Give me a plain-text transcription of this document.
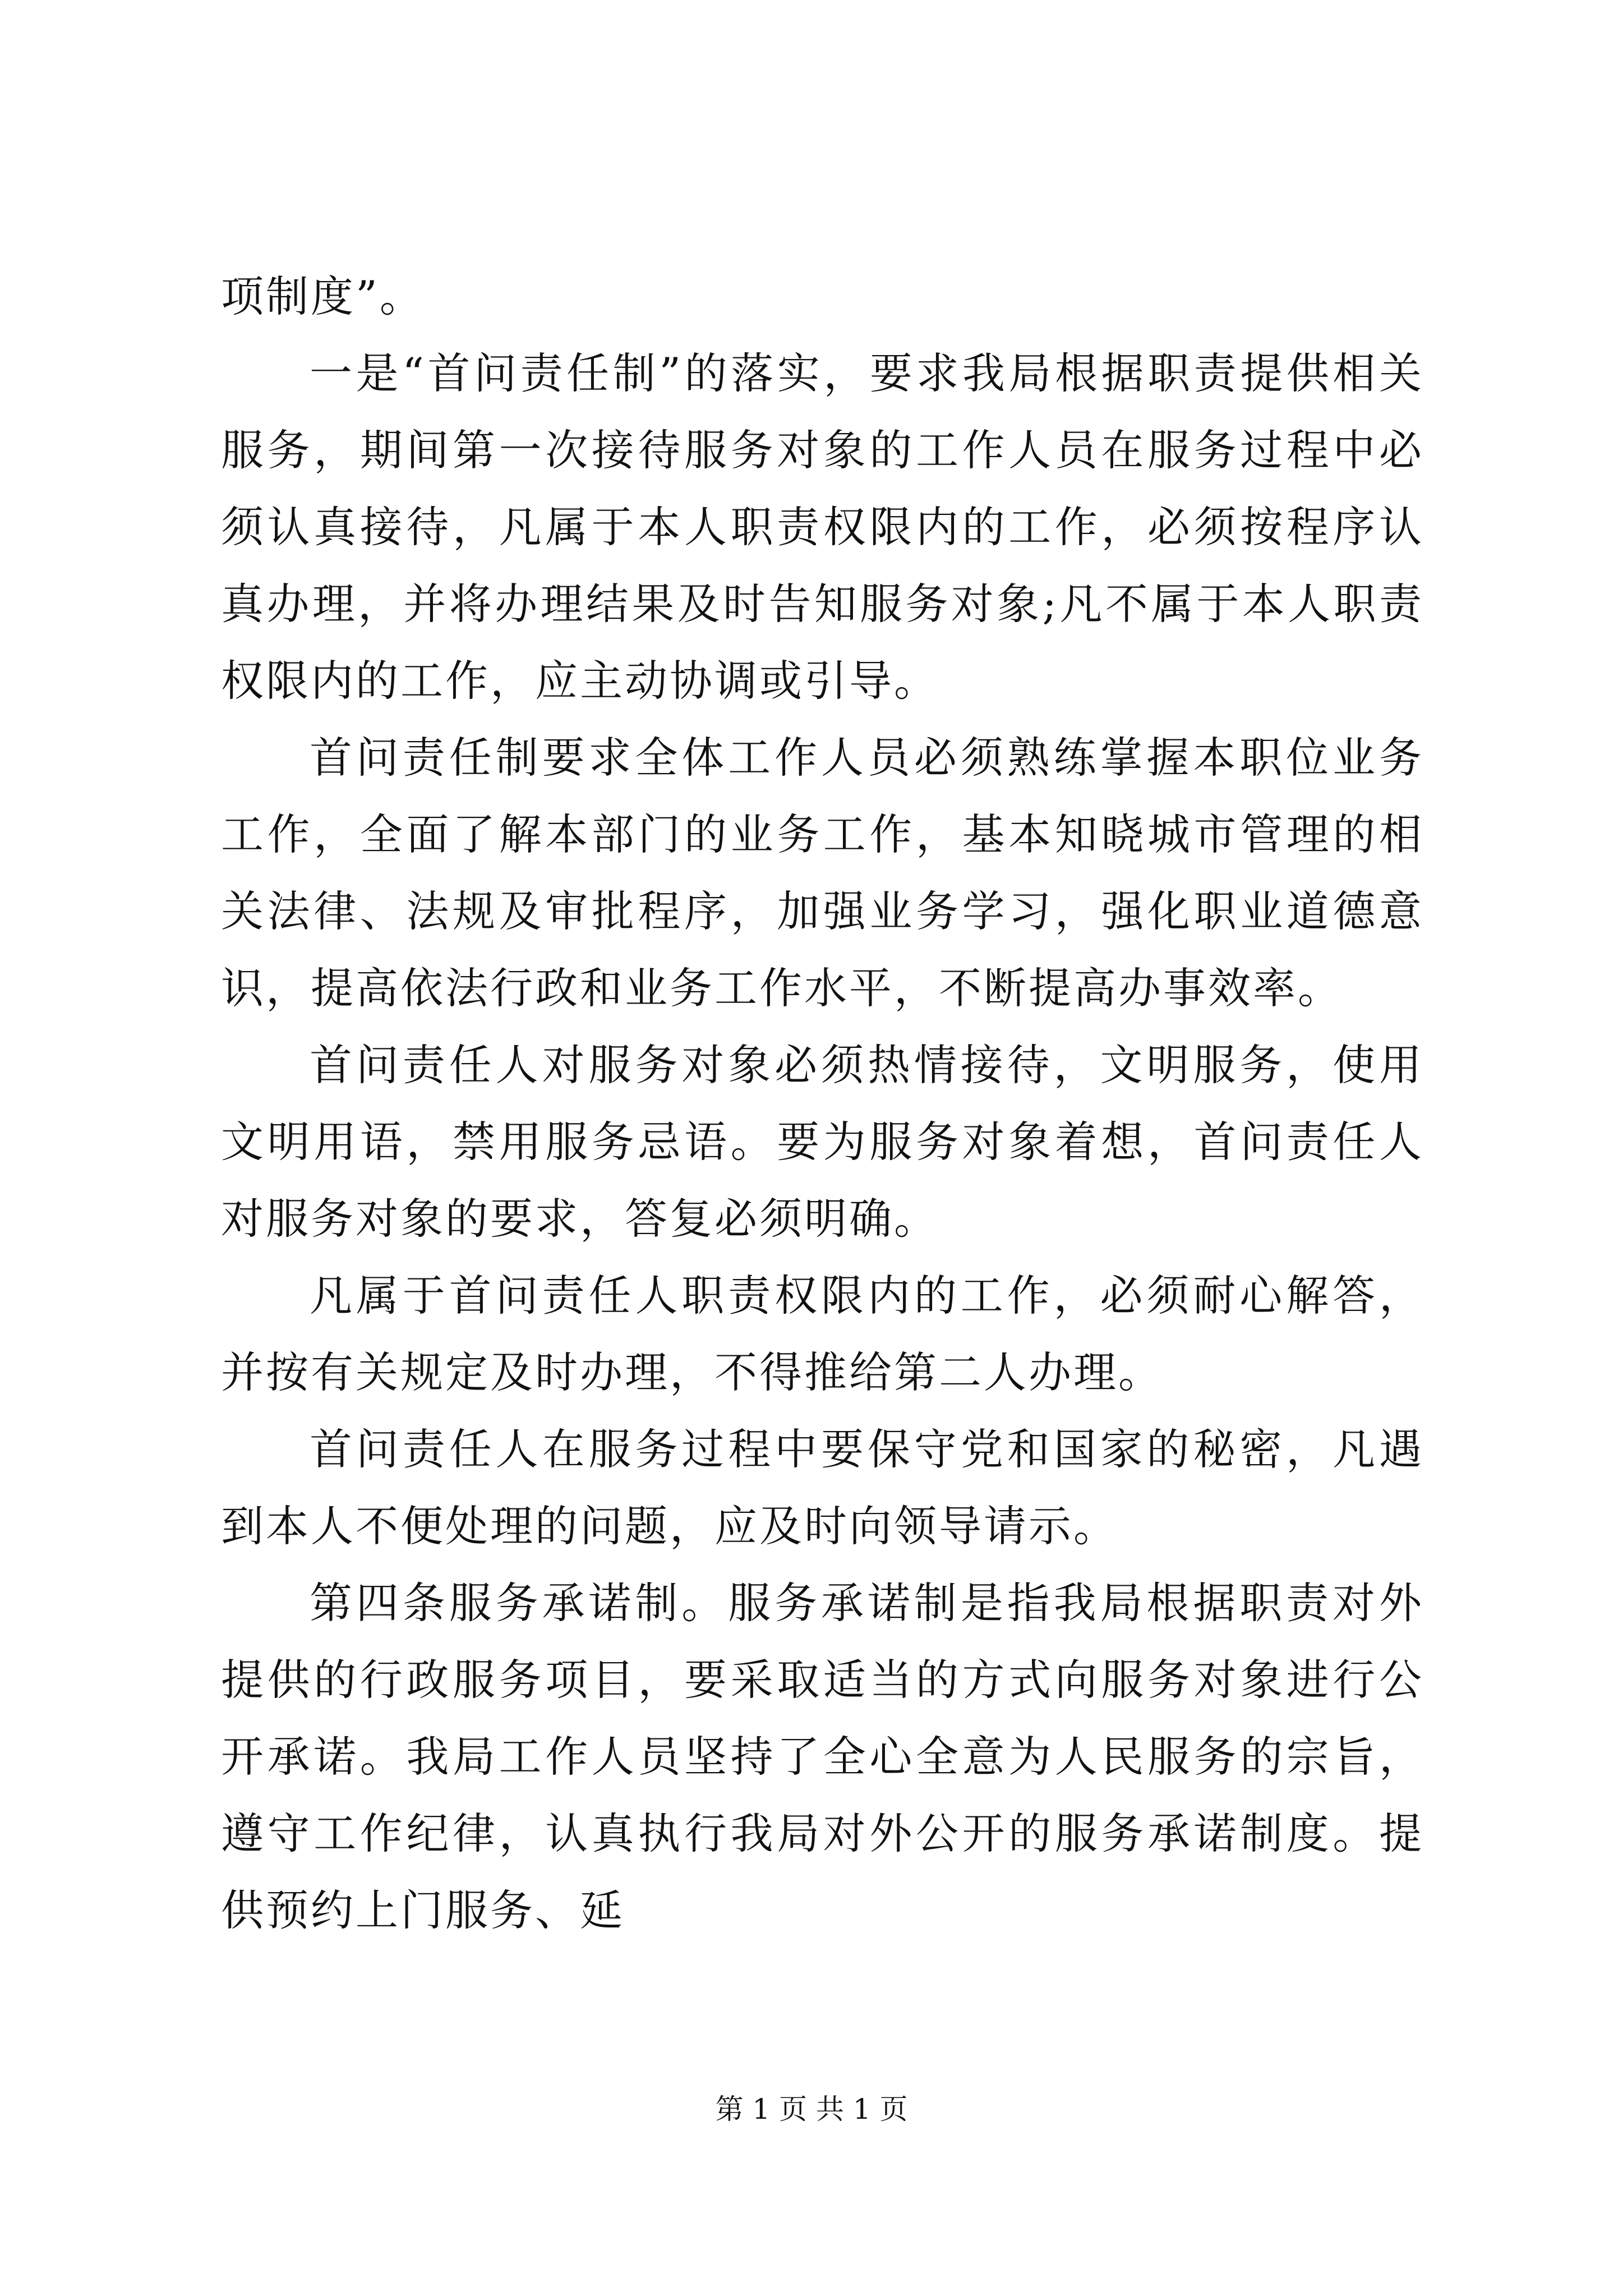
项制度”。

一是“首问责任制”的落实，要求我局根据职责提供相关服务，期间第一次接待服务对象的工作人员在服务过程中必须认真接待，凡属于本人职责权限内的工作，必须按程序认真办理，并将办理结果及时告知服务对象;凡不属于本人职责权限内的工作，应主动协调或引导。

首问责任制要求全体工作人员必须熟练掌握本职位业务工作，全面了解本部门的业务工作，基本知晓城市管理的相关法律、法规及审批程序，加强业务学习，强化职业道德意识，提高依法行政和业务工作水平，不断提高办事效率。

首问责任人对服务对象必须热情接待，文明服务，使用文明用语，禁用服务忌语。要为服务对象着想，首问责任人对服务对象的要求，答复必须明确。

凡属于首问责任人职责权限内的工作，必须耐心解答，并按有关规定及时办理，不得推给第二人办理。

首问责任人在服务过程中要保守党和国家的秘密，凡遇到本人不便处理的问题，应及时向领导请示。

第四条服务承诺制。服务承诺制是指我局根据职责对外提供的行政服务项目，要采取适当的方式向服务对象进行公开承诺。我局工作人员坚持了全心全意为人民服务的宗旨，遵守工作纪律，认真执行我局对外公开的服务承诺制度。提供预约上门服务、延

第 1 页 共 1 页
